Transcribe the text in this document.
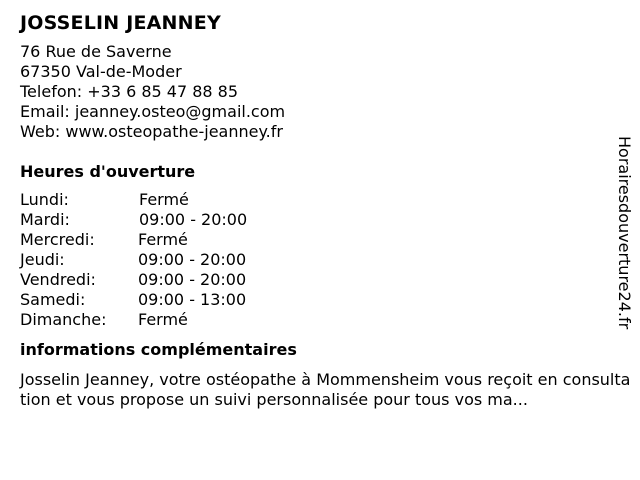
JOSSELIN JEANNEY
76 Rue de Saverne
67350 Val-de-Moder
Telefon: +33 6 85 47 88 85
Email: jeanney.osteo@gmail.com
Web: www.osteopathe-jeanney.fr
Heures d'ouverture
Lundi:	Fermé
Mardi:	09:00 - 20:00
Mercredi:	Fermé
Jeudi:	09:00 - 20:00
Vendredi:	09:00 - 20:00
Samedi:	09:00 - 13:00
Dimanche:	Fermé
informations complémentaires
Josselin Jeanney, votre ostéopathe à Mommensheim vous reçoit en consultation et vous propose un suivi personnalisée pour tous vos ma...
Horairesdouverture24.fr
